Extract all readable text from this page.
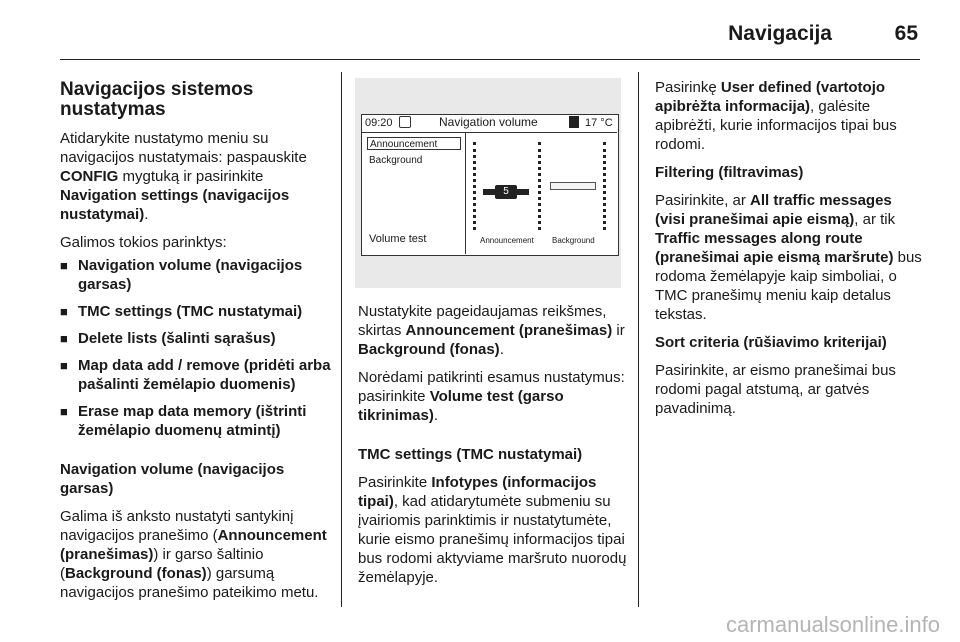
Navigacija	65

Navigacijos sistemos nustatymas

Atidarykite nustatymo meniu su navigacijos nustatymais: paspauskite CONFIG mygtuką ir pasirinkite Navigation settings (navigacijos nustatymai).

Galimos tokios parinktys:

■ Navigation volume (navigacijos garsas)
■ TMC settings (TMC nustatymai)
■ Delete lists (šalinti sąrašus)
■ Map data add / remove (pridėti arba pašalinti žemėlapio duomenis)
■ Erase map data memory (ištrinti žemėlapio duomenų atmintį)

Navigation volume (navigacijos garsas)

Galima iš anksto nustatyti santykinį navigacijos pranešimo (Announcement (pranešimas)) ir garso šaltinio (Background (fonas)) garsumą navigacijos pranešimo pateikimo metu.

09:20	Navigation volume	17 °C
Announcement
Background
Volume test
5
Announcement Background

Nustatykite pageidaujamas reikšmes, skirtas Announcement (pranešimas) ir Background (fonas).

Norėdami patikrinti esamus nustatymus: pasirinkite Volume test (garso tikrinimas).

TMC settings (TMC nustatymai)

Pasirinkite Infotypes (informacijos tipai), kad atidarytumėte submeniu su įvairiomis parinktimis ir nustatytumėte, kurie eismo pranešimų informacijos tipai bus rodomi aktyviame maršruto nuorodų žemėlapyje.

Pasirinkę User defined (vartotojo apibrėžta informacija), galėsite apibrėžti, kurie informacijos tipai bus rodomi.

Filtering (filtravimas)

Pasirinkite, ar All traffic messages (visi pranešimai apie eismą), ar tik Traffic messages along route (pranešimai apie eismą maršrute) bus rodoma žemėlapyje kaip simboliai, o TMC pranešimų meniu kaip detalus tekstas.

Sort criteria (rūšiavimo kriterijai)

Pasirinkite, ar eismo pranešimai bus rodomi pagal atstumą, ar gatvės pavadinimą.

carmanualsonline.info
